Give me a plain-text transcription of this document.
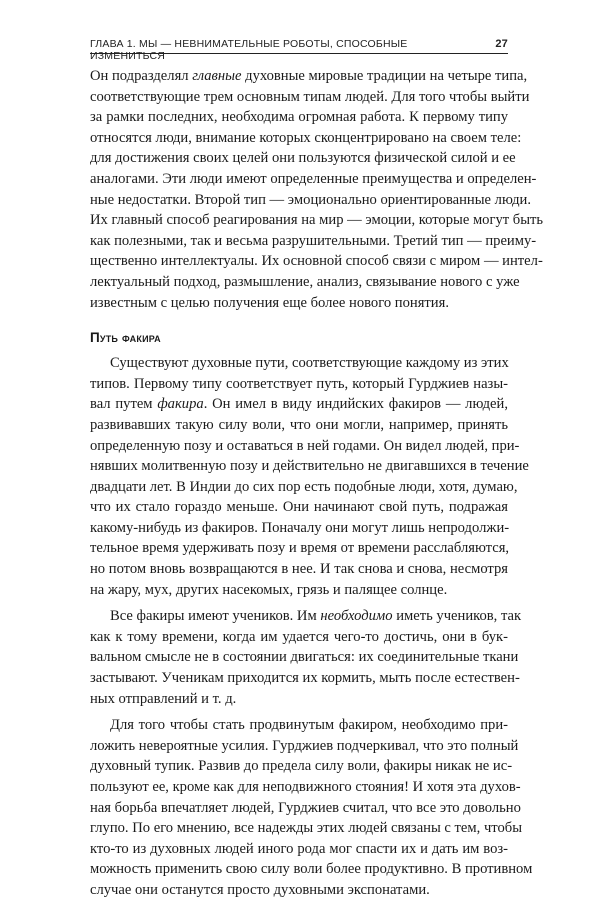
ГЛАВА 1. МЫ — НЕВНИМАТЕЛЬНЫЕ РОБОТЫ, СПОСОБНЫЕ ИЗМЕНИТЬСЯ
27
Он подразделял главные духовные мировые традиции на четыре типа,
соответствующие трем основным типам людей. Для того чтобы выйти
за рамки последних, необходима огромная работа. К первому типу
относятся люди, внимание которых сконцентрировано на своем теле:
для достижения своих целей они пользуются физической силой и ее
аналогами. Эти люди имеют определенные преимущества и определен-
ные недостатки. Второй тип — эмоционально ориентированные люди.
Их главный способ реагирования на мир — эмоции, которые могут быть
как полезными, так и весьма разрушительными. Третий тип — преиму-
щественно интеллектуалы. Их основной способ связи с миром — интел-
лектуальный подход, размышление, анализ, связывание нового с уже
известным с целью получения еще более нового понятия.
Путь факира
Существуют духовные пути, соответствующие каждому из этих
типов. Первому типу соответствует путь, который Гурджиев назы-
вал путем факира. Он имел в виду индийских факиров — людей,
развивавших такую силу воли, что они могли, например, принять
определенную позу и оставаться в ней годами. Он видел людей, при-
нявших молитвенную позу и действительно не двигавшихся в течение
двадцати лет. В Индии до сих пор есть подобные люди, хотя, думаю,
что их стало гораздо меньше. Они начинают свой путь, подражая
какому-нибудь из факиров. Поначалу они могут лишь непродолжи-
тельное время удерживать позу и время от времени расслабляются,
но потом вновь возвращаются в нее. И так снова и снова, несмотря
на жару, мух, других насекомых, грязь и палящее солнце.
Все факиры имеют учеников. Им необходимо иметь учеников, так
как к тому времени, когда им удается чего-то достичь, они в бук-
вальном смысле не в состоянии двигаться: их соединительные ткани
застывают. Ученикам приходится их кормить, мыть после естествен-
ных отправлений и т. д.
Для того чтобы стать продвинутым факиром, необходимо при-
ложить невероятные усилия. Гурджиев подчеркивал, что это полный
духовный тупик. Развив до предела силу воли, факиры никак не ис-
пользуют ее, кроме как для неподвижного стояния! И хотя эта духов-
ная борьба впечатляет людей, Гурджиев считал, что все это довольно
глупо. По его мнению, все надежды этих людей связаны с тем, чтобы
кто-то из духовных людей иного рода мог спасти их и дать им воз-
можность применить свою силу воли более продуктивно. В противном
случае они останутся просто духовными экспонатами.
